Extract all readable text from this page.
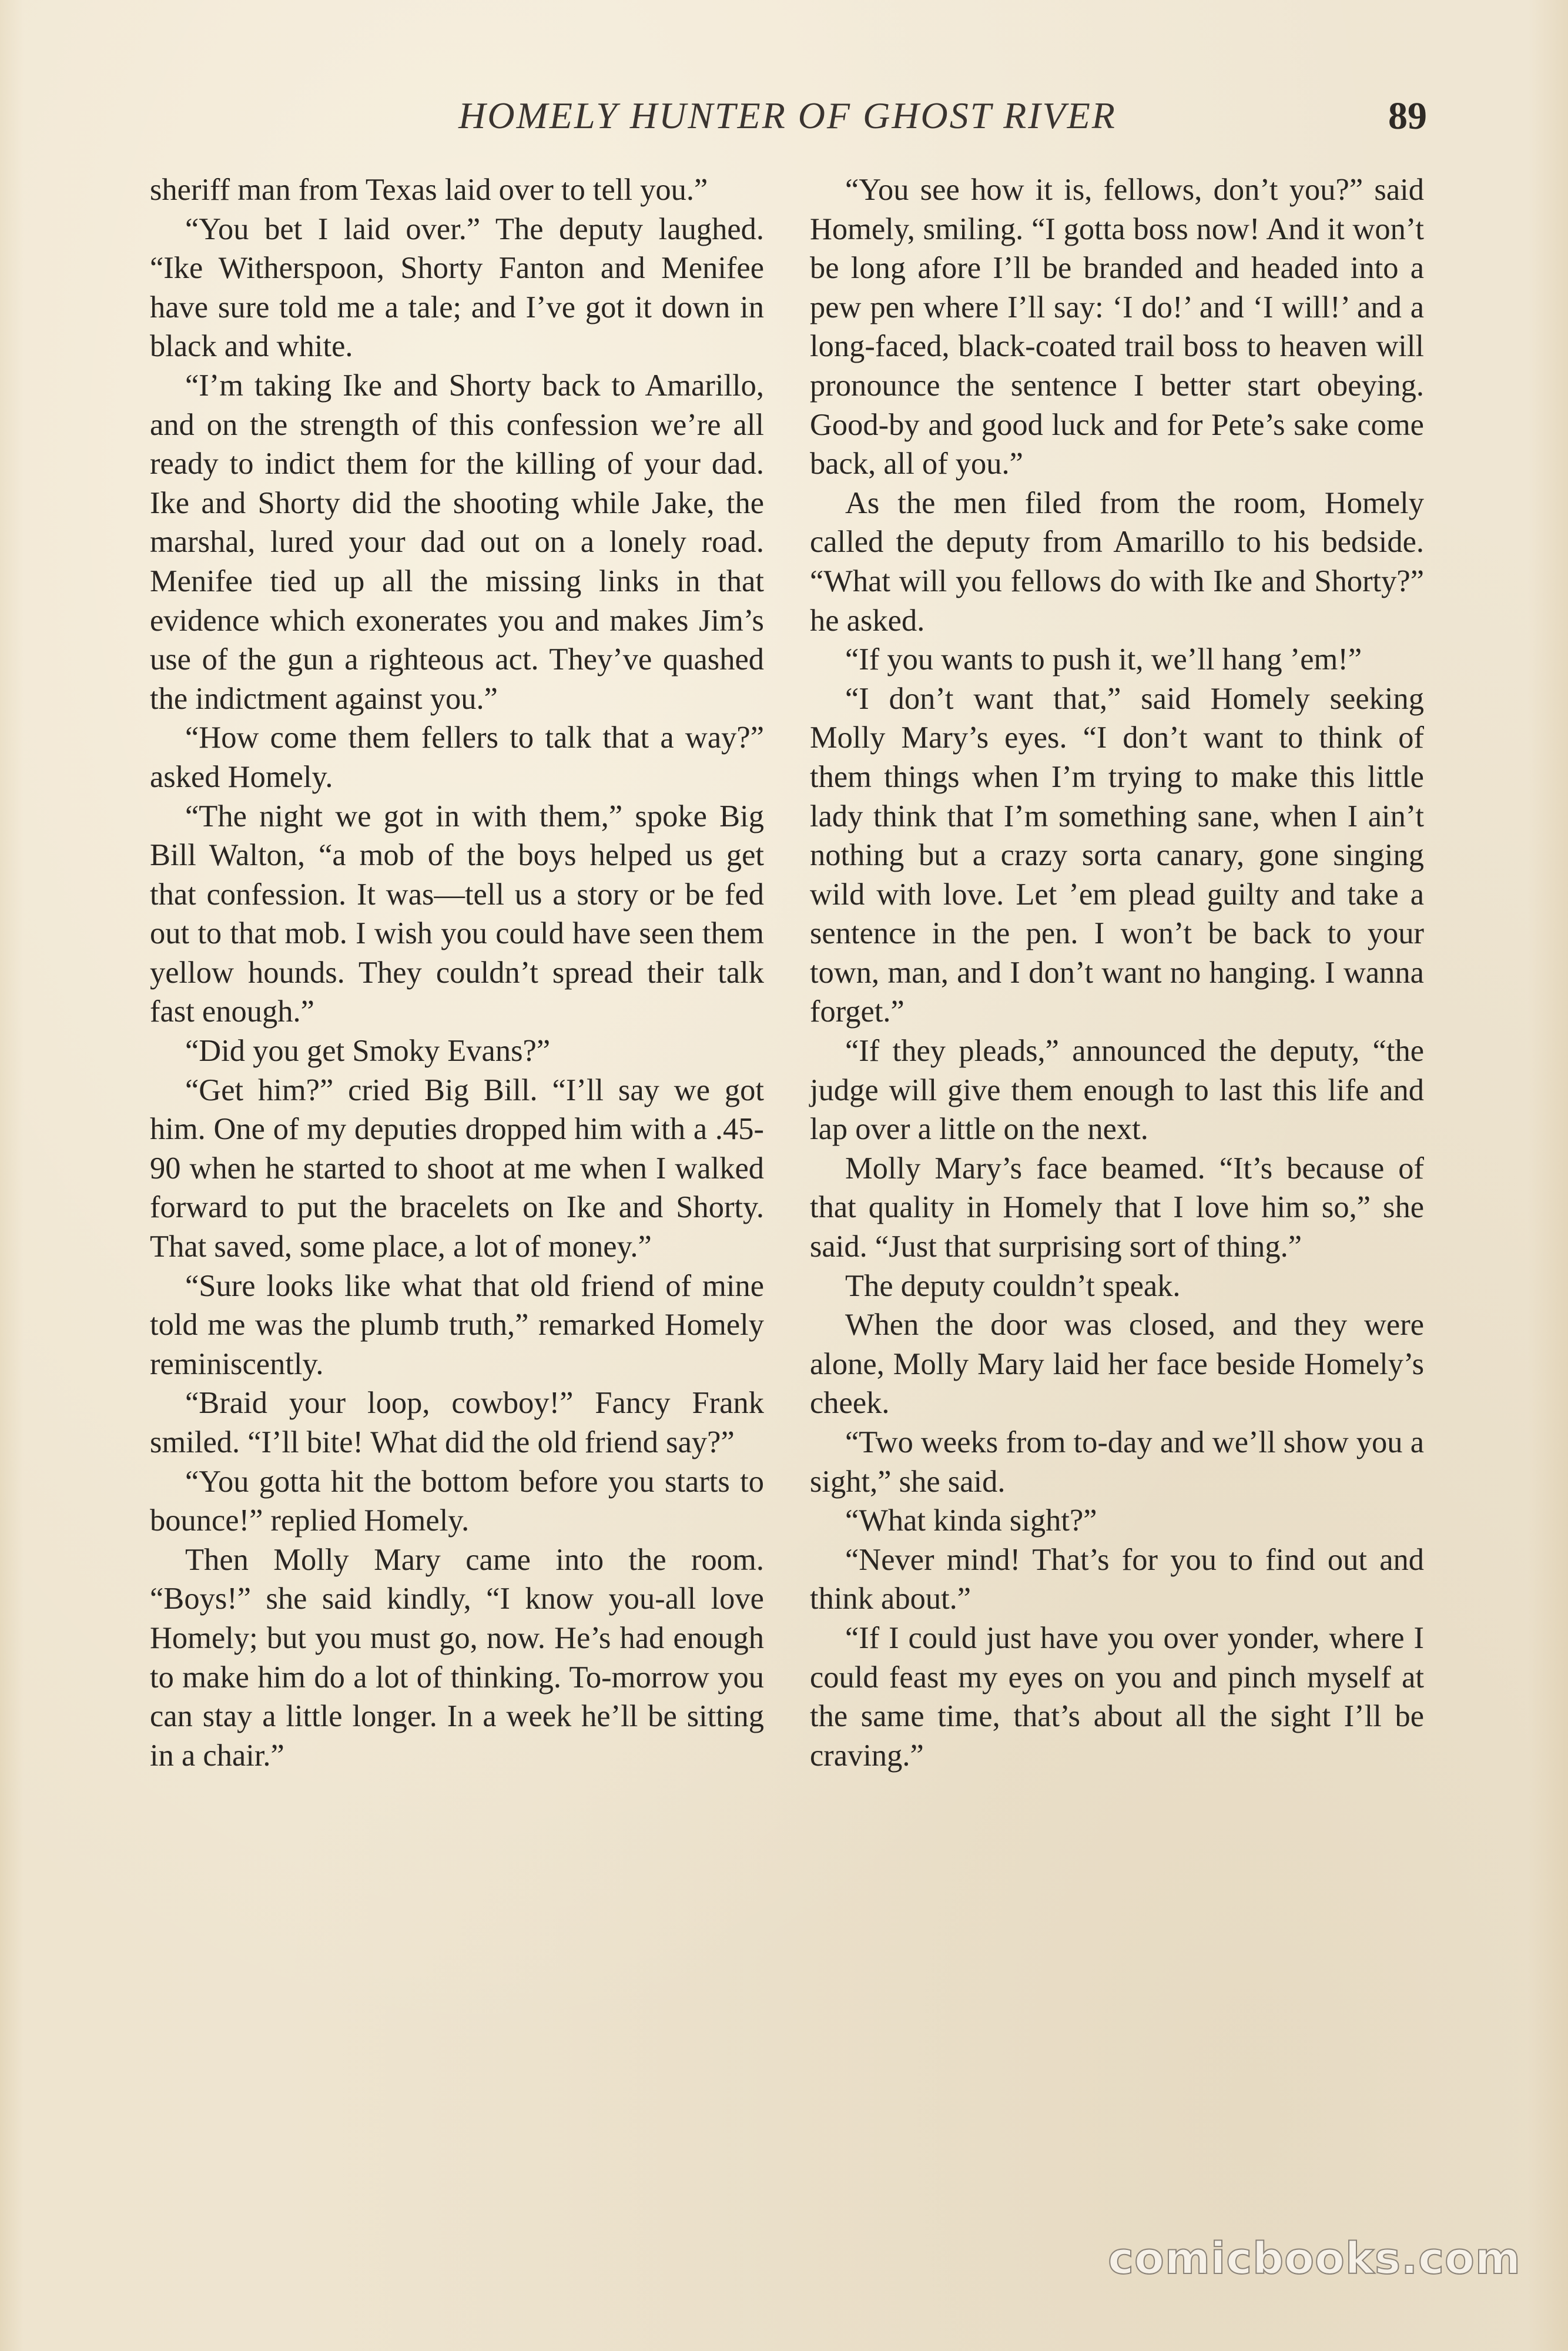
HOMELY HUNTER OF GHOST RIVER	89

sheriff man from Texas laid over to tell you.”

“You bet I laid over.” The deputy laughed. “Ike Witherspoon, Shorty Fanton and Menifee have sure told me a tale; and I’ve got it down in black and white.

“I’m taking Ike and Shorty back to Amarillo, and on the strength of this confession we’re all ready to indict them for the killing of your dad. Ike and Shorty did the shooting while Jake, the marshal, lured your dad out on a lonely road. Menifee tied up all the missing links in that evidence which exonerates you and makes Jim’s use of the gun a righteous act. They’ve quashed the indictment against you.”

“How come them fellers to talk that a way?” asked Homely.

“The night we got in with them,” spoke Big Bill Walton, “a mob of the boys helped us get that confession. It was—tell us a story or be fed out to that mob. I wish you could have seen them yellow hounds. They couldn’t spread their talk fast enough.”

“Did you get Smoky Evans?”

“Get him?” cried Big Bill. “I’ll say we got him. One of my deputies dropped him with a .45-90 when he started to shoot at me when I walked forward to put the bracelets on Ike and Shorty. That saved, some place, a lot of money.”

“Sure looks like what that old friend of mine told me was the plumb truth,” remarked Homely reminiscently.

“Braid your loop, cowboy!” Fancy Frank smiled. “I’ll bite! What did the old friend say?”

“You gotta hit the bottom before you starts to bounce!” replied Homely.

Then Molly Mary came into the room. “Boys!” she said kindly, “I know you-all love Homely; but you must go, now. He’s had enough to make him do a lot of thinking. To-morrow you can stay a little longer. In a week he’ll be sitting in a chair.”

“You see how it is, fellows, don’t you?” said Homely, smiling. “I gotta boss now! And it won’t be long afore I’ll be branded and headed into a pew pen where I’ll say: ‘I do!’ and ‘I will!’ and a long-faced, black-coated trail boss to heaven will pronounce the sentence I better start obeying. Good-by and good luck and for Pete’s sake come back, all of you.”

As the men filed from the room, Homely called the deputy from Amarillo to his bedside. “What will you fellows do with Ike and Shorty?” he asked.

“If you wants to push it, we’ll hang ’em!”

“I don’t want that,” said Homely seeking Molly Mary’s eyes. “I don’t want to think of them things when I’m trying to make this little lady think that I’m something sane, when I ain’t nothing but a crazy sorta canary, gone singing wild with love. Let ’em plead guilty and take a sentence in the pen. I won’t be back to your town, man, and I don’t want no hanging. I wanna forget.”

“If they pleads,” announced the deputy, “the judge will give them enough to last this life and lap over a little on the next.

Molly Mary’s face beamed. “It’s because of that quality in Homely that I love him so,” she said. “Just that surprising sort of thing.”

The deputy couldn’t speak.

When the door was closed, and they were alone, Molly Mary laid her face beside Homely’s cheek.

“Two weeks from to-day and we’ll show you a sight,” she said.

“What kinda sight?”

“Never mind! That’s for you to find out and think about.”

“If I could just have you over yonder, where I could feast my eyes on you and pinch myself at the same time, that’s about all the sight I’ll be craving.”

comicbooks.com
